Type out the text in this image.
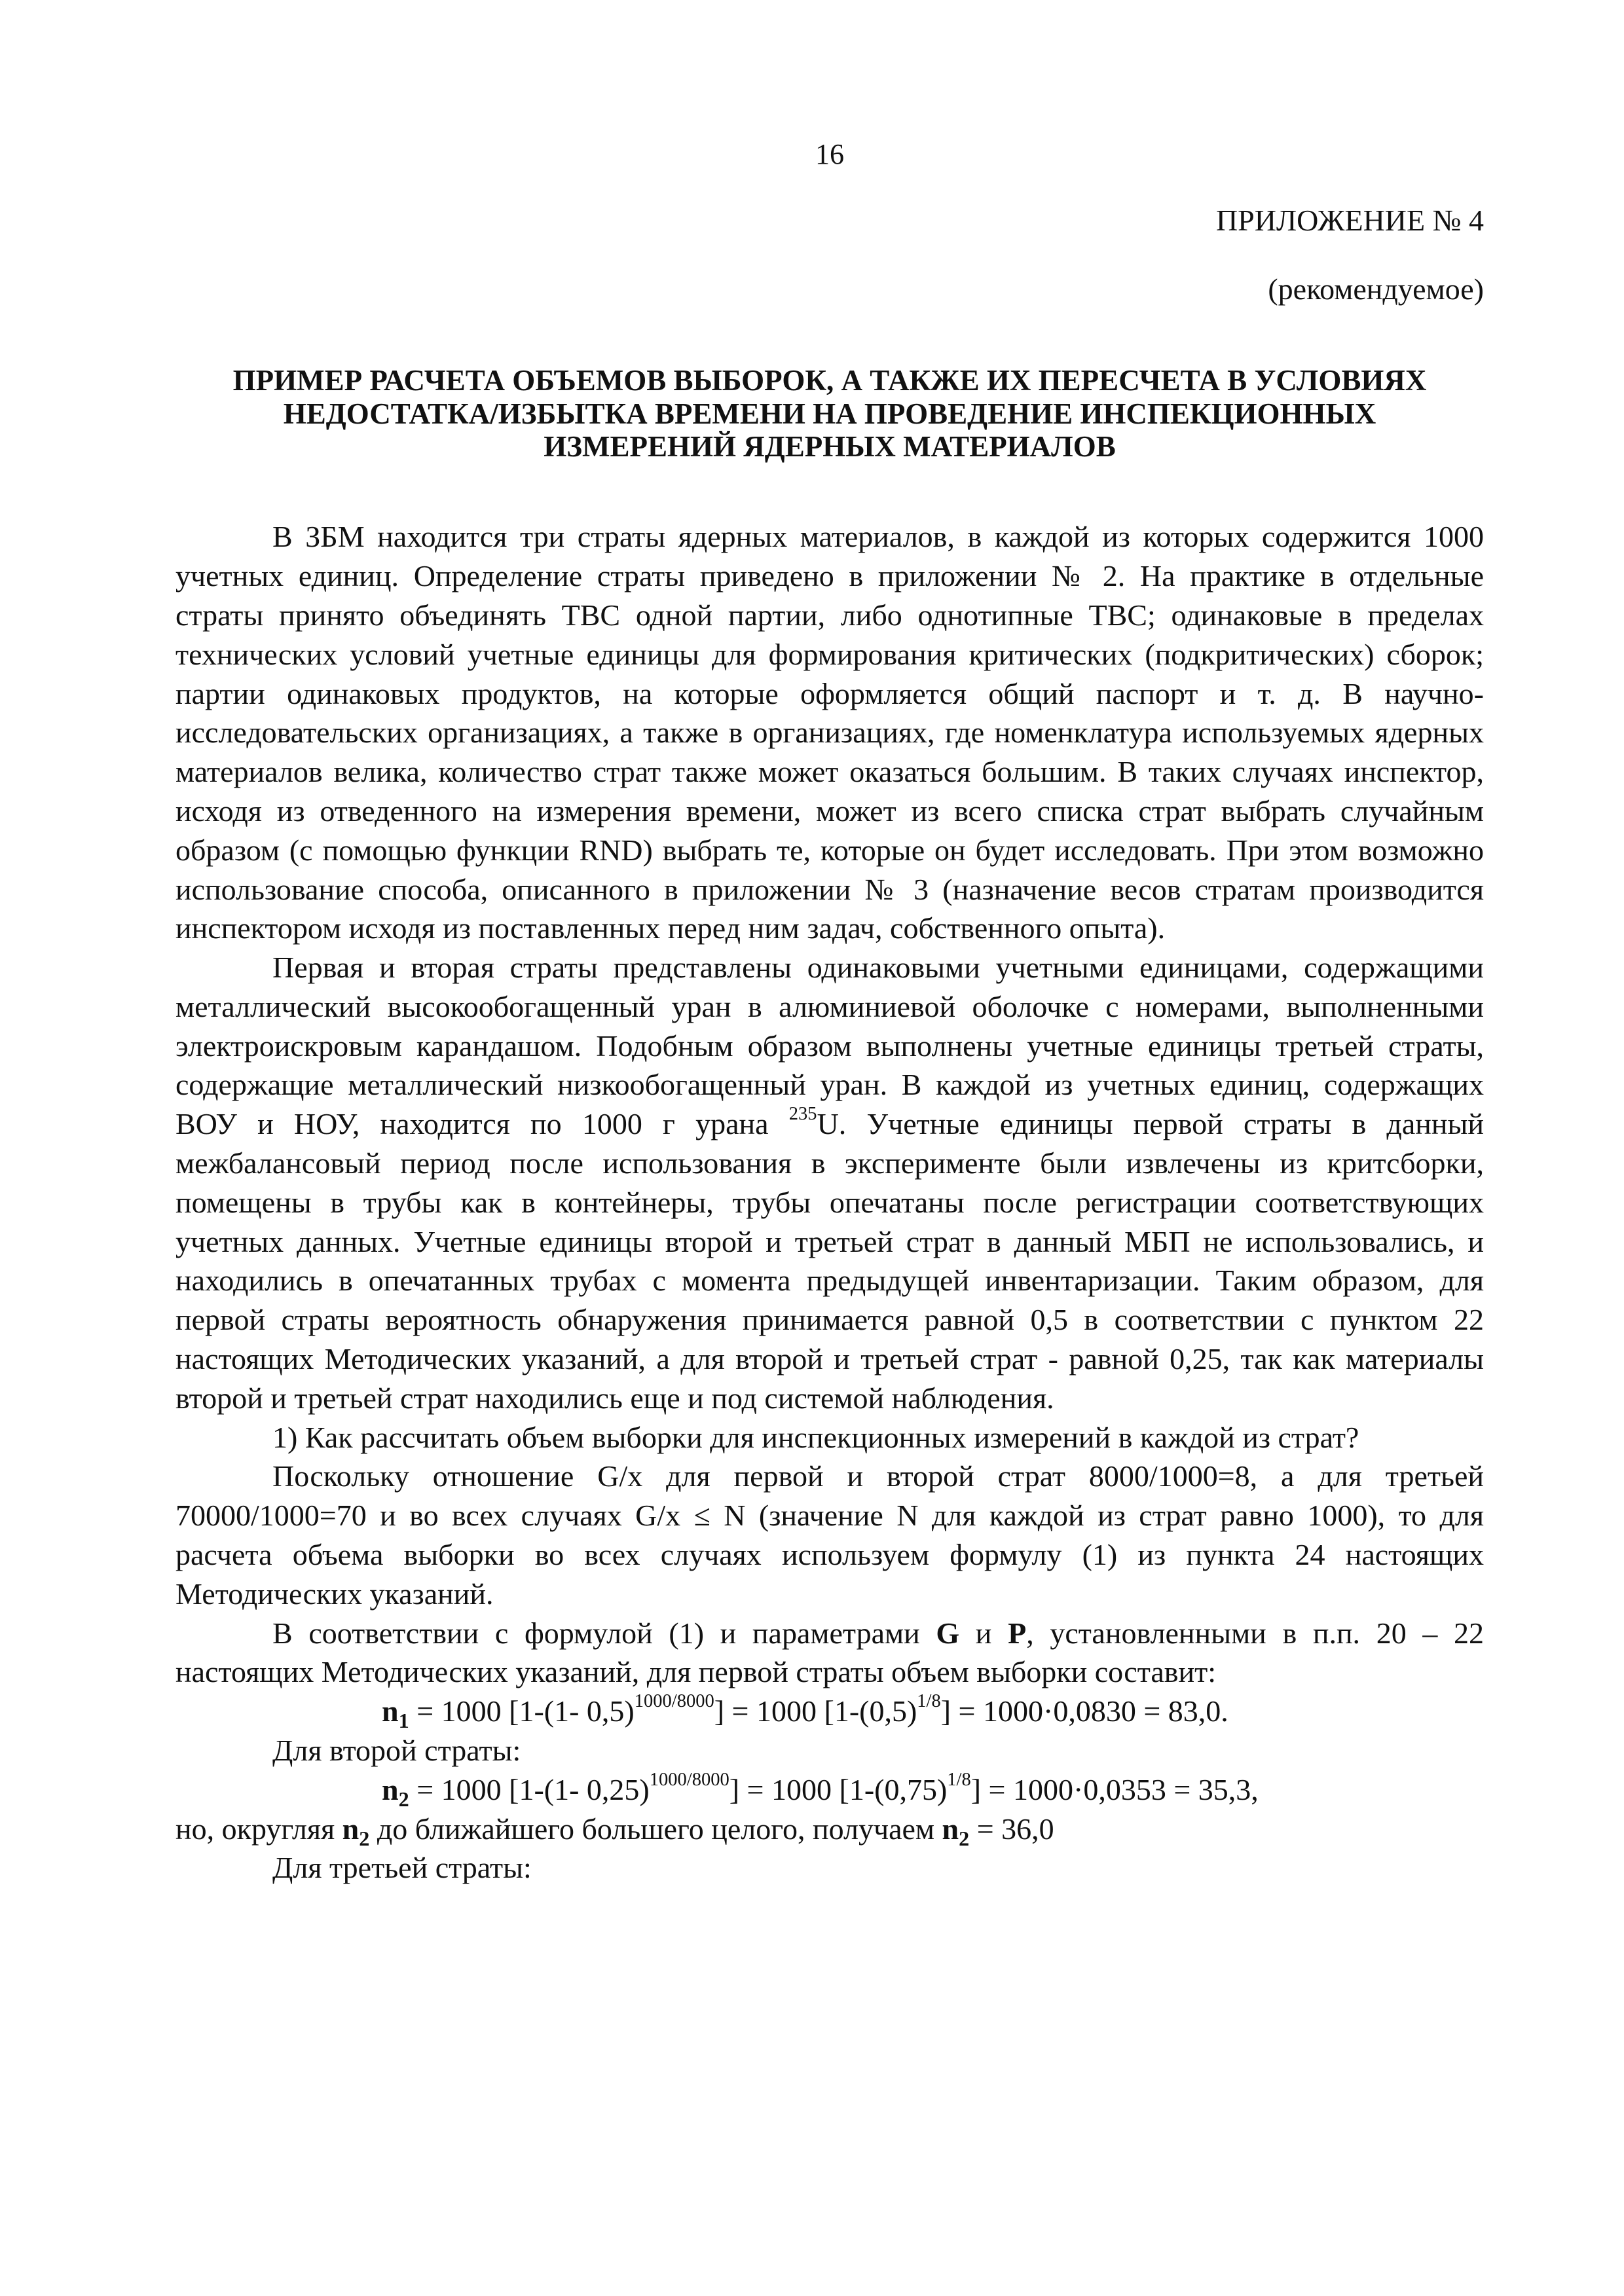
16
ПРИЛОЖЕНИЕ № 4
(рекомендуемое)
ПРИМЕР РАСЧЕТА ОБЪЕМОВ ВЫБОРОК, А ТАКЖЕ ИХ ПЕРЕСЧЕТА В УСЛОВИЯХ
НЕДОСТАТКА/ИЗБЫТКА ВРЕМЕНИ НА ПРОВЕДЕНИЕ ИНСПЕКЦИОННЫХ
ИЗМЕРЕНИЙ ЯДЕРНЫХ МАТЕРИАЛОВ

В ЗБМ находится три страты ядерных материалов, в каждой из которых содержится 1000 учетных единиц. Определение страты приведено в приложении № 2. На практике в отдельные страты принято объединять ТВС одной партии, либо однотипные ТВС; одинаковые в пределах технических условий учетные единицы для формирования критических (подкритических) сборок; партии одинаковых продуктов, на которые оформляется общий паспорт и т. д. В научно-исследовательских организациях, а также в организациях, где номенклатура используемых ядерных материалов велика, количество страт также может оказаться большим. В таких случаях инспектор, исходя из отведенного на измерения времени, может из всего списка страт выбрать случайным образом (с помощью функции RND) выбрать те, которые он будет исследовать. При этом возможно использование способа, описанного в приложении № 3 (назначение весов стратам производится инспектором исходя из поставленных перед ним задач, собственного опыта).

Первая и вторая страты представлены одинаковыми учетными единицами, содержащими металлический высокообогащенный уран в алюминиевой оболочке с номерами, выполненными электроискровым карандашом. Подобным образом выполнены учетные единицы третьей страты, содержащие металлический низкообогащенный уран. В каждой из учетных единиц, содержащих ВОУ и НОУ, находится по 1000 г урана $^{235}$U. Учетные единицы первой страты в данный межбалансовый период после использования в эксперименте были извлечены из критсборки, помещены в трубы как в контейнеры, трубы опечатаны после регистрации соответствующих учетных данных. Учетные единицы второй и третьей страт в данный МБП не использовались, и находились в опечатанных трубах с момента предыдущей инвентаризации. Таким образом, для первой страты вероятность обнаружения принимается равной 0,5 в соответствии с пунктом 22 настоящих Методических указаний, а для второй и третьей страт - равной 0,25, так как материалы второй и третьей страт находились еще и под системой наблюдения.

1) Как рассчитать объем выборки для инспекционных измерений в каждой из страт?

Поскольку отношение G/x для первой и второй страт 8000/1000=8, а для третьей 70000/1000=70 и во всех случаях G/x ≤ N (значение N для каждой из страт равно 1000), то для расчета объема выборки во всех случаях используем формулу (1) из пункта 24 настоящих Методических указаний.

В соответствии с формулой (1) и параметрами G и P, установленными в п.п. 20 – 22 настоящих Методических указаний, для первой страты объем выборки составит:

$n_1 = 1000$ [1-(1- 0,5)$^{1000/8000}$] = 1000 $[1-(0,5)^{1/8}] = 1000\cdot 0,0830 = 83,0$.
Для второй страты:
$n_2 = 1000$ [1-(1- 0,25)$^{1000/8000}$] = 1000 $[1-(0,75)^{1/8}] = 1000\cdot 0,0353 = 35,3$,
но, округляя $n_2$ до ближайшего большего целого, получаем $n_2 = 36,0$
Для третьей страты:
